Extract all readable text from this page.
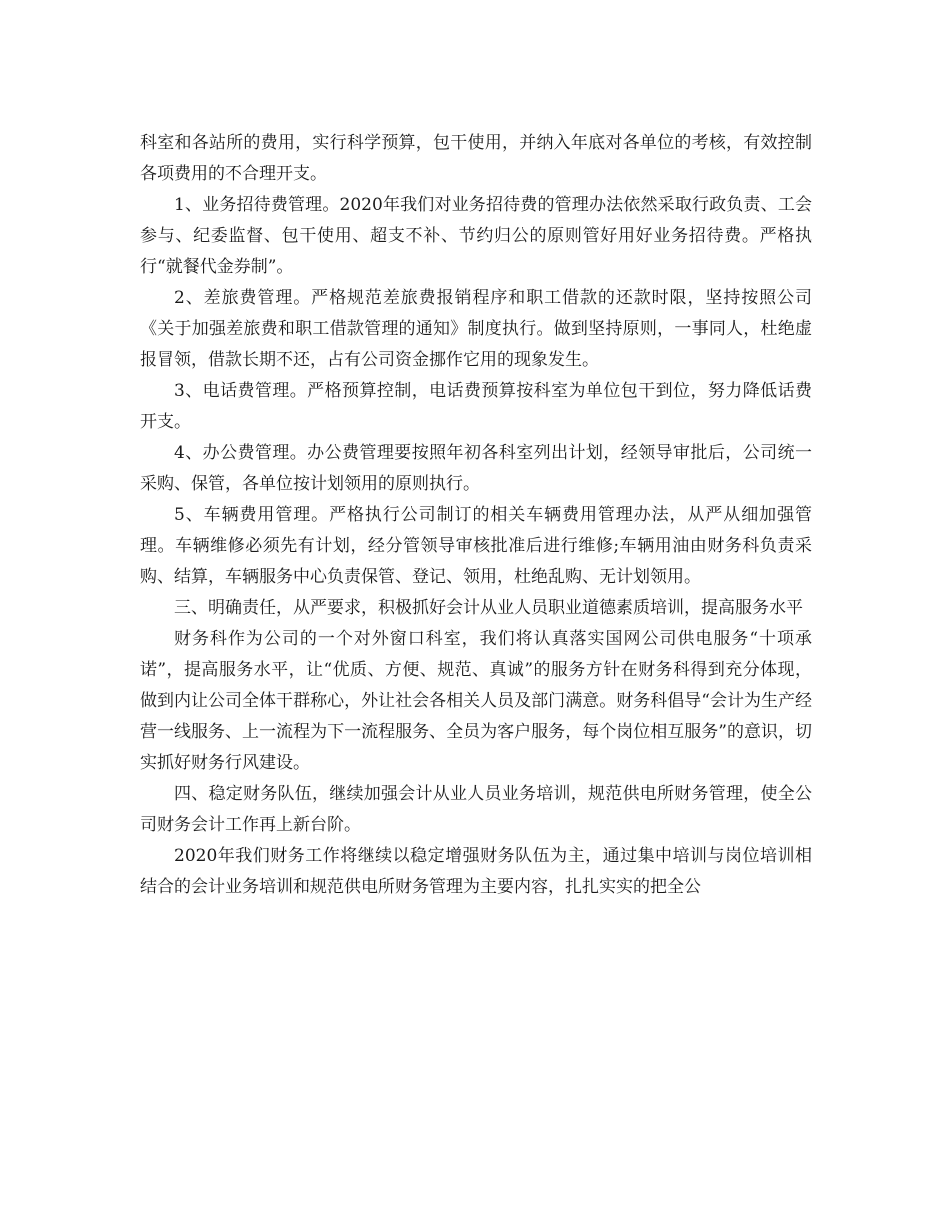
科室和各站所的费用，实行科学预算，包干使用，并纳入年底对各单位的考核，有效控制各项费用的不合理开支。

1、业务招待费管理。2020年我们对业务招待费的管理办法依然采取行政负责、工会参与、纪委监督、包干使用、超支不补、节约归公的原则管好用好业务招待费。严格执行“就餐代金券制”。

2、差旅费管理。严格规范差旅费报销程序和职工借款的还款时限，坚持按照公司《关于加强差旅费和职工借款管理的通知》制度执行。做到坚持原则，一事同人，杜绝虚报冒领，借款长期不还，占有公司资金挪作它用的现象发生。

3、电话费管理。严格预算控制，电话费预算按科室为单位包干到位，努力降低话费开支。

4、办公费管理。办公费管理要按照年初各科室列出计划，经领导审批后，公司统一采购、保管，各单位按计划领用的原则执行。

5、车辆费用管理。严格执行公司制订的相关车辆费用管理办法，从严从细加强管理。车辆维修必须先有计划，经分管领导审核批准后进行维修;车辆用油由财务科负责采购、结算，车辆服务中心负责保管、登记、领用，杜绝乱购、无计划领用。

三、明确责任，从严要求，积极抓好会计从业人员职业道德素质培训，提高服务水平

财务科作为公司的一个对外窗口科室，我们将认真落实国网公司供电服务“十项承诺”，提高服务水平，让“优质、方便、规范、真诚”的服务方针在财务科得到充分体现，做到内让公司全体干群称心，外让社会各相关人员及部门满意。财务科倡导“会计为生产经营一线服务、上一流程为下一流程服务、全员为客户服务，每个岗位相互服务”的意识，切实抓好财务行风建设。

四、稳定财务队伍，继续加强会计从业人员业务培训，规范供电所财务管理，使全公司财务会计工作再上新台阶。

2020年我们财务工作将继续以稳定增强财务队伍为主，通过集中培训与岗位培训相结合的会计业务培训和规范供电所财务管理为主要内容，扎扎实实的把全公
